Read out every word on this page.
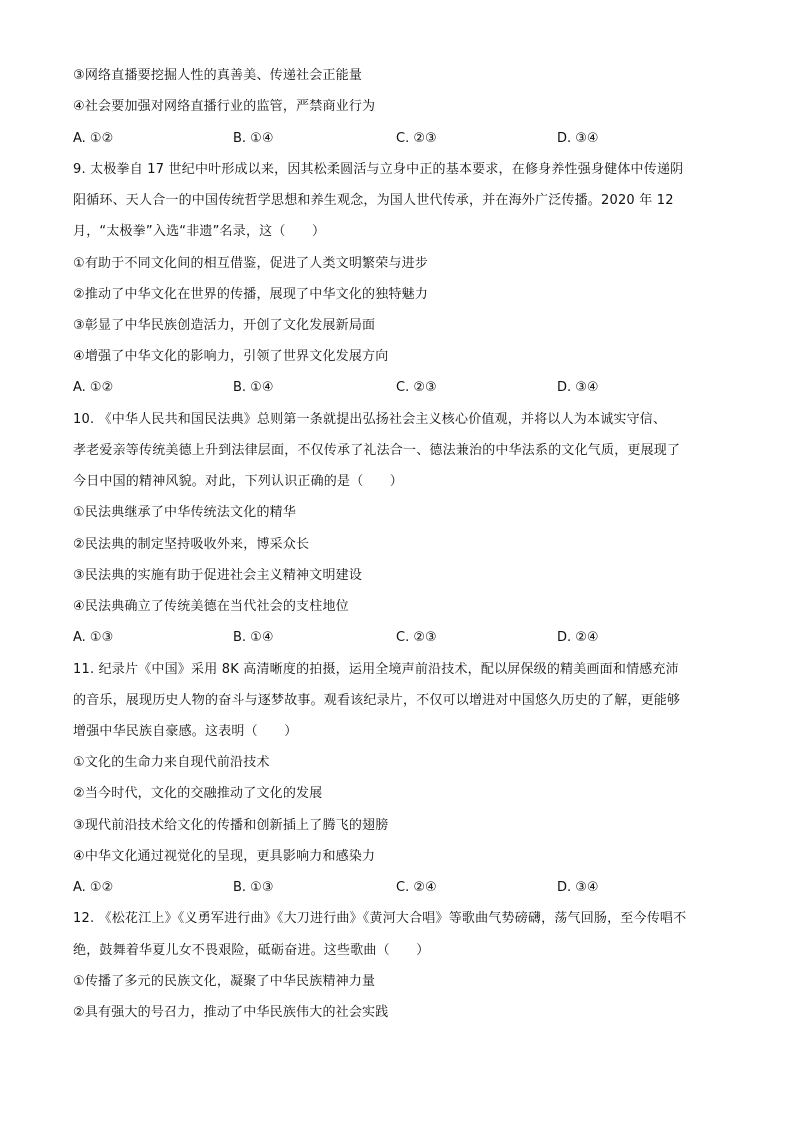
③网络直播要挖掘人性的真善美、传递社会正能量
④社会要加强对网络直播行业的监管，严禁商业行为
A. ①②	B. ①④	C. ②③	D. ③④
9. 太极拳自 17 世纪中叶形成以来，因其松柔圆活与立身中正的基本要求，在修身养性强身健体中传递阴
阳循环、天人合一的中国传统哲学思想和养生观念，为国人世代传承，并在海外广泛传播。2020 年 12
月，“太极拳”入选“非遗”名录，这（　　）
①有助于不同文化间的相互借鉴，促进了人类文明繁荣与进步
②推动了中华文化在世界的传播，展现了中华文化的独特魅力
③彰显了中华民族创造活力，开创了文化发展新局面
④增强了中华文化的影响力，引领了世界文化发展方向
A. ①②	B. ①④	C. ②③	D. ③④
10. 《中华人民共和国民法典》总则第一条就提出弘扬社会主义核心价值观，并将以人为本诚实守信、
孝老爱亲等传统美德上升到法律层面，不仅传承了礼法合一、德法兼治的中华法系的文化气质，更展现了
今日中国的精神风貌。对此，下列认识正确的是（　　）
①民法典继承了中华传统法文化的精华
②民法典的制定坚持吸收外来，博采众长
③民法典的实施有助于促进社会主义精神文明建设
④民法典确立了传统美德在当代社会的支柱地位
A. ①③	B. ①④	C. ②③	D. ②④
11. 纪录片《中国》采用 8K 高清晰度的拍摄，运用全境声前沿技术，配以屏保级的精美画面和情感充沛
的音乐，展现历史人物的奋斗与逐梦故事。观看该纪录片，不仅可以增进对中国悠久历史的了解，更能够
增强中华民族自豪感。这表明（　　）
①文化的生命力来自现代前沿技术
②当今时代，文化的交融推动了文化的发展
③现代前沿技术给文化的传播和创新插上了腾飞的翅膀
④中华文化通过视觉化的呈现，更具影响力和感染力
A. ①②	B. ①③	C. ②④	D. ③④
12. 《松花江上》《义勇军进行曲》《大刀进行曲》《黄河大合唱》等歌曲气势磅礴，荡气回肠，至今传唱不
绝，鼓舞着华夏儿女不畏艰险，砥砺奋进。这些歌曲（　　）
①传播了多元的民族文化，凝聚了中华民族精神力量
②具有强大的号召力，推动了中华民族伟大的社会实践
